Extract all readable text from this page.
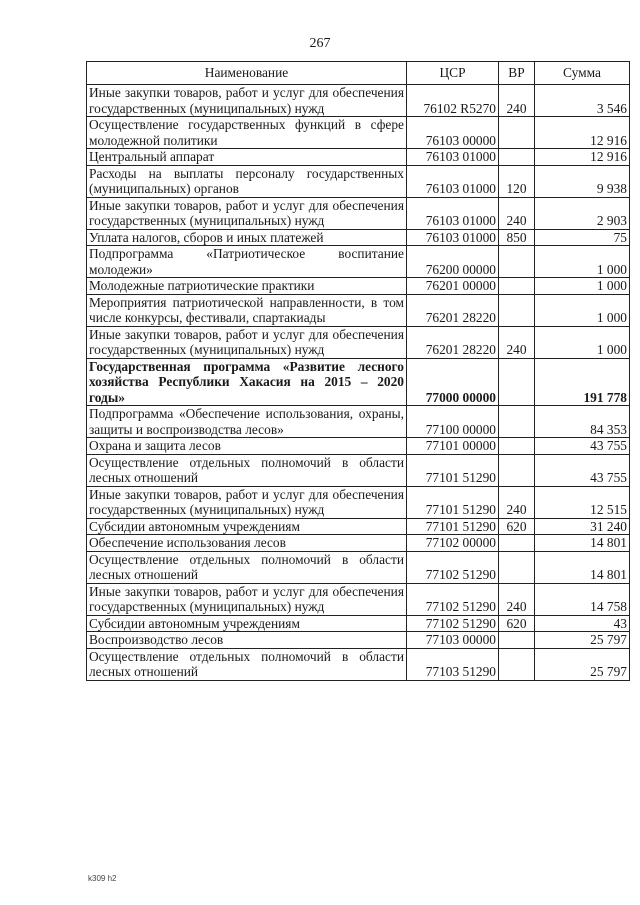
267
Наименование	ЦСР	ВР	Сумма
Иные закупки товаров, работ и услуг для обеспечения государственных (муниципальных) нужд	76102 R5270	240	3 546
Осуществление государственных функций в сфере молодежной политики	76103 00000		12 916
Центральный аппарат	76103 01000		12 916
Расходы на выплаты персоналу государственных (муниципальных) органов	76103 01000	120	9 938
Иные закупки товаров, работ и услуг для обеспечения государственных (муниципальных) нужд	76103 01000	240	2 903
Уплата налогов, сборов и иных платежей	76103 01000	850	75
Подпрограмма «Патриотическое воспитание молодежи»	76200 00000		1 000
Молодежные патриотические практики	76201 00000		1 000
Мероприятия патриотической направленности, в том числе конкурсы, фестивали, спартакиады	76201 28220		1 000
Иные закупки товаров, работ и услуг для обеспечения государственных (муниципальных) нужд	76201 28220	240	1 000
Государственная программа «Развитие лесного хозяйства Республики Хакасия на 2015 – 2020 годы»	77000 00000		191 778
Подпрограмма «Обеспечение использования, охраны, защиты и воспроизводства лесов»	77100 00000		84 353
Охрана и защита лесов	77101 00000		43 755
Осуществление отдельных полномочий в области лесных отношений	77101 51290		43 755
Иные закупки товаров, работ и услуг для обеспечения государственных (муниципальных) нужд	77101 51290	240	12 515
Субсидии автономным учреждениям	77101 51290	620	31 240
Обеспечение использования лесов	77102 00000		14 801
Осуществление отдельных полномочий в области лесных отношений	77102 51290		14 801
Иные закупки товаров, работ и услуг для обеспечения государственных (муниципальных) нужд	77102 51290	240	14 758
Субсидии автономным учреждениям	77102 51290	620	43
Воспроизводство лесов	77103 00000		25 797
Осуществление отдельных полномочий в области лесных отношений	77103 51290		25 797
k309 h2
